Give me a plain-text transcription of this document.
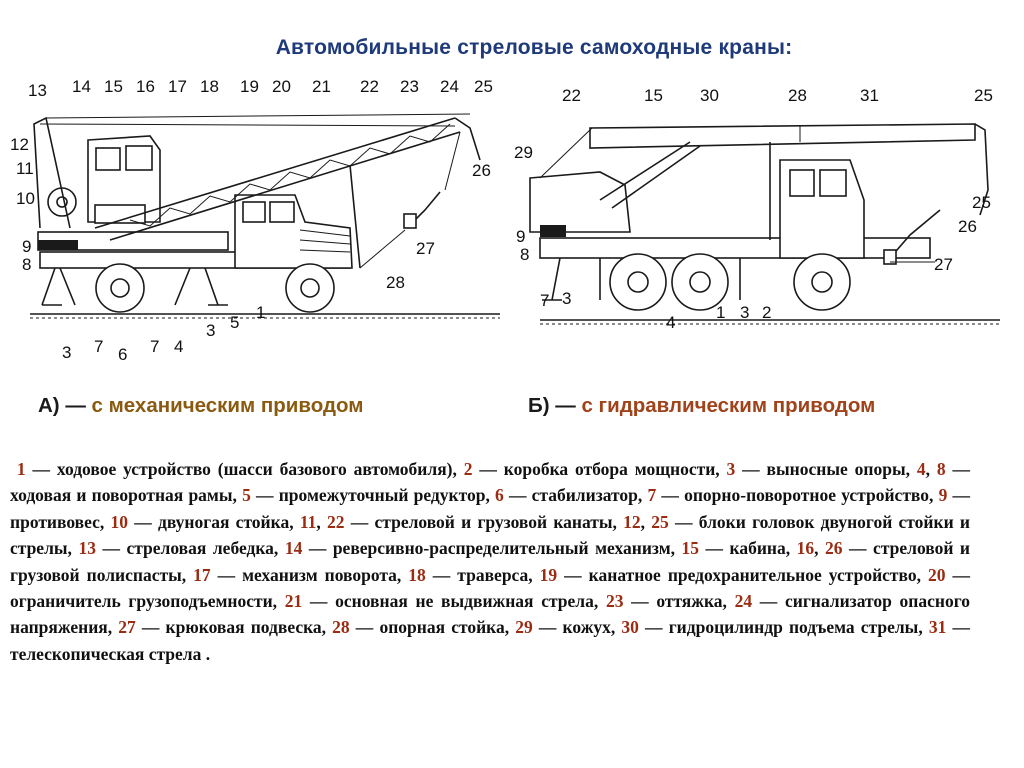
Автомобильные стреловые самоходные краны:
13 14 15 16 17 18 19 20 21 22 23 24 25
12
11
10
26
9
8
27
28
1
5
3
3 7 6 7 4
22	15 30	28	31	25
29
25
26
9
8
27
7 3
4
1 3 2
А) — с механическим приводом	Б) — с гидравлическим приводом
1 — ходовое устройство (шасси базового автомобиля), 2 — коробка отбора мощности, 3 — выносные опоры, 4, 8 — ходовая и поворотная рамы, 5 — промежуточный редуктор, 6 — стабилизатор, 7 — опорно-поворотное устройство, 9 — противовес, 10 — двуногая стойка, 11, 22 — стреловой и грузовой канаты, 12, 25 — блоки головок двуногой стойки и стрелы, 13 — стреловая лебедка, 14 — реверсивно-распределительный механизм, 15 — кабина, 16, 26 — стреловой и грузовой полиспасты, 17 — механизм поворота, 18 — траверса, 19 — канатное предохранительное устройство, 20 — ограничитель грузоподъемности, 21 — основная не выдвижная стрела, 23 — оттяжка, 24 — сигнализатор опасного напряжения, 27 — крюковая подвеска, 28 — опорная стойка, 29 — кожух, 30 — гидроцилиндр подъема стрелы, 31 — телескопическая стрела .
